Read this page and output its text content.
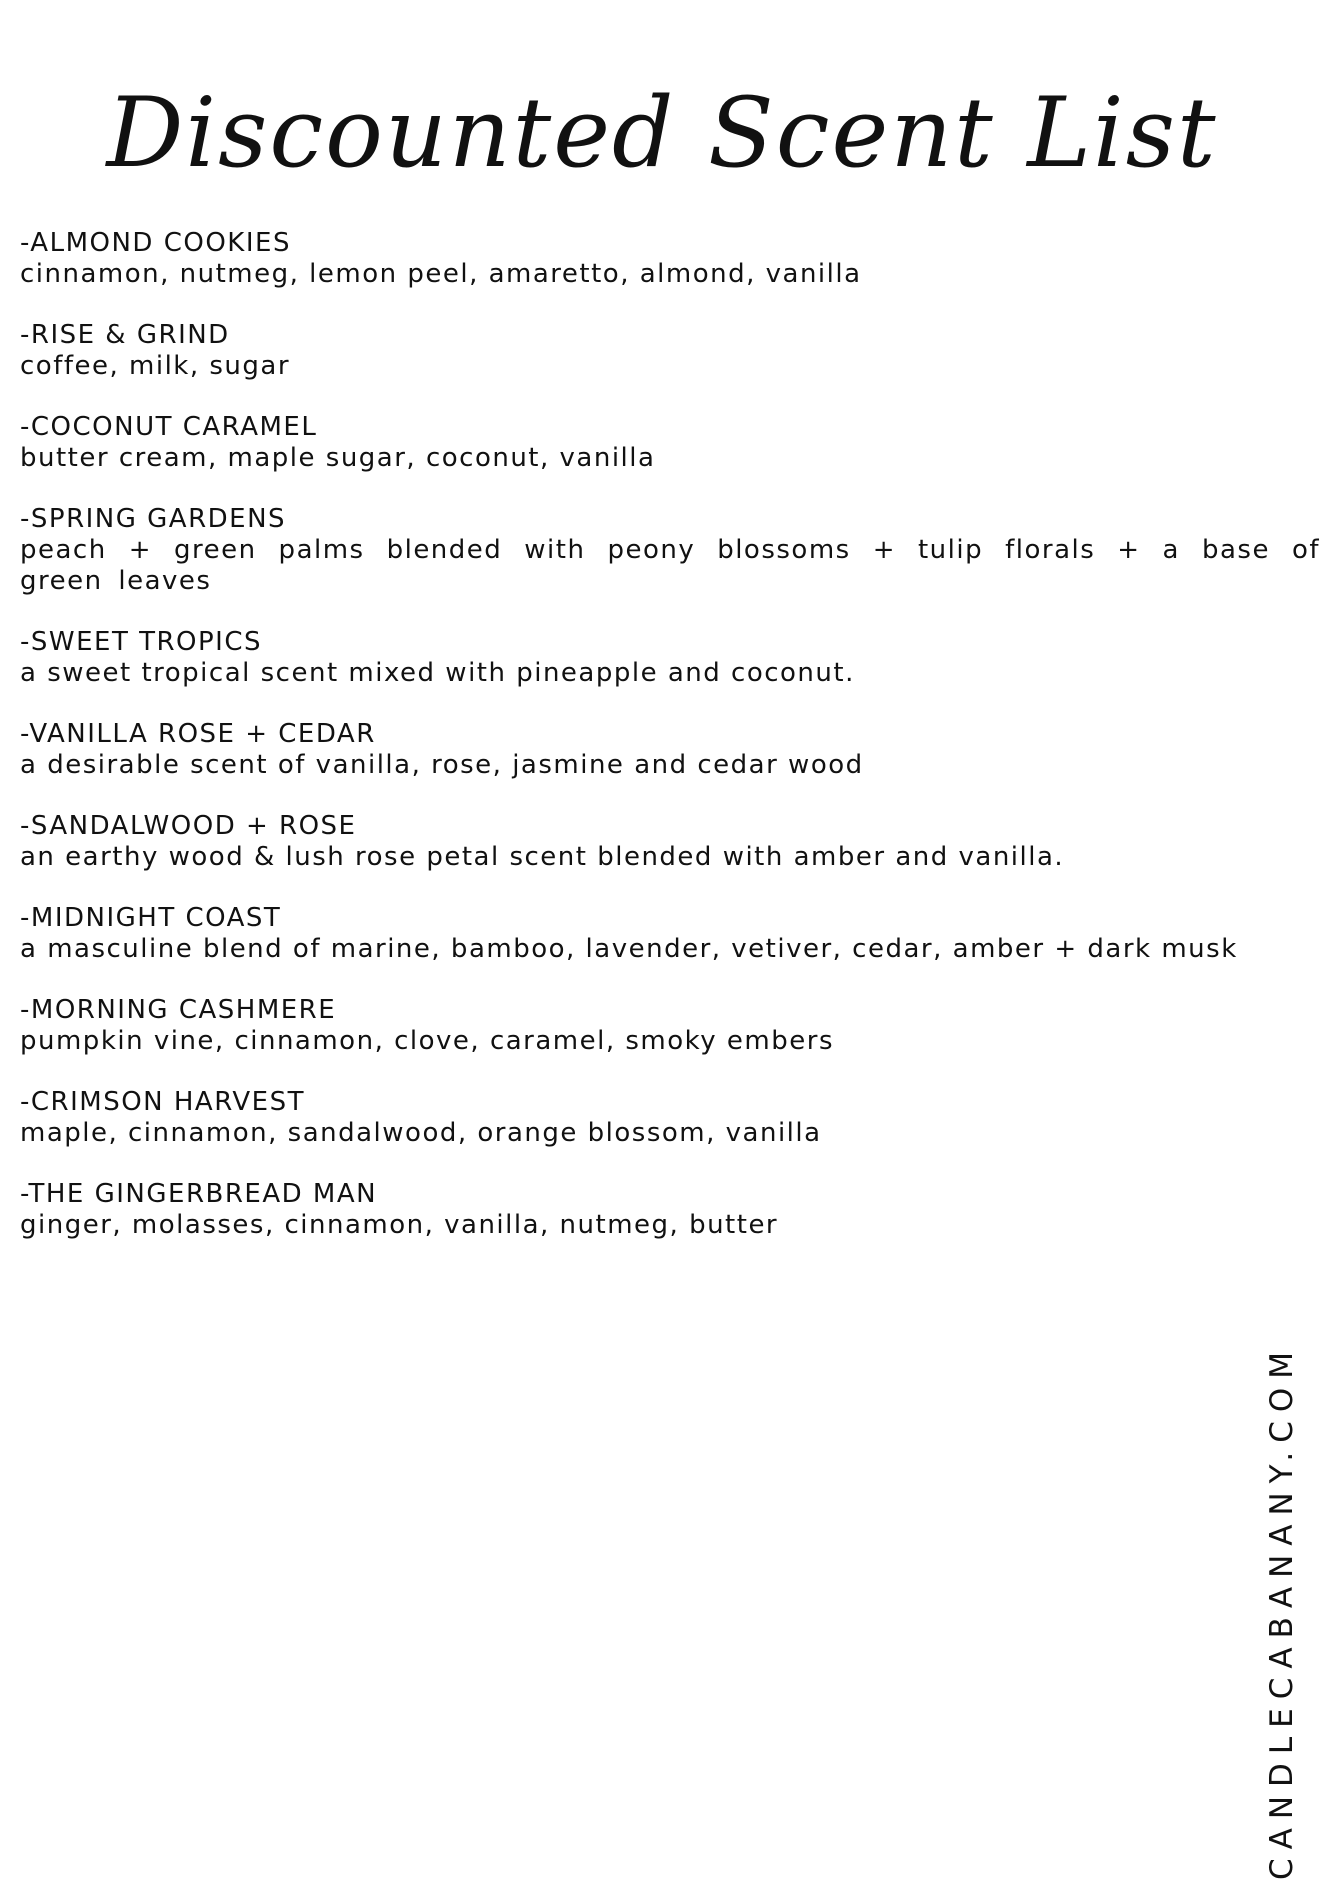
Discounted Scent List
-ALMOND COOKIES
cinnamon, nutmeg, lemon peel, amaretto, almond, vanilla
-RISE & GRIND
coffee, milk, sugar
-COCONUT CARAMEL
butter cream, maple sugar, coconut, vanilla
-SPRING GARDENS
peach + green palms blended with peony blossoms + tulip florals + a base of green leaves
-SWEET TROPICS
a sweet tropical scent mixed with pineapple and coconut.
-VANILLA ROSE + CEDAR
a desirable scent of vanilla, rose, jasmine and cedar wood
-SANDALWOOD + ROSE
an earthy wood & lush rose petal scent blended with amber and vanilla.
-MIDNIGHT COAST
a masculine blend of marine, bamboo, lavender, vetiver, cedar, amber + dark musk
-MORNING CASHMERE
pumpkin vine, cinnamon, clove, caramel, smoky embers
-CRIMSON HARVEST
maple, cinnamon, sandalwood, orange blossom, vanilla
-THE GINGERBREAD MAN
ginger, molasses, cinnamon, vanilla, nutmeg, butter
CANDLECABANANY.COM
